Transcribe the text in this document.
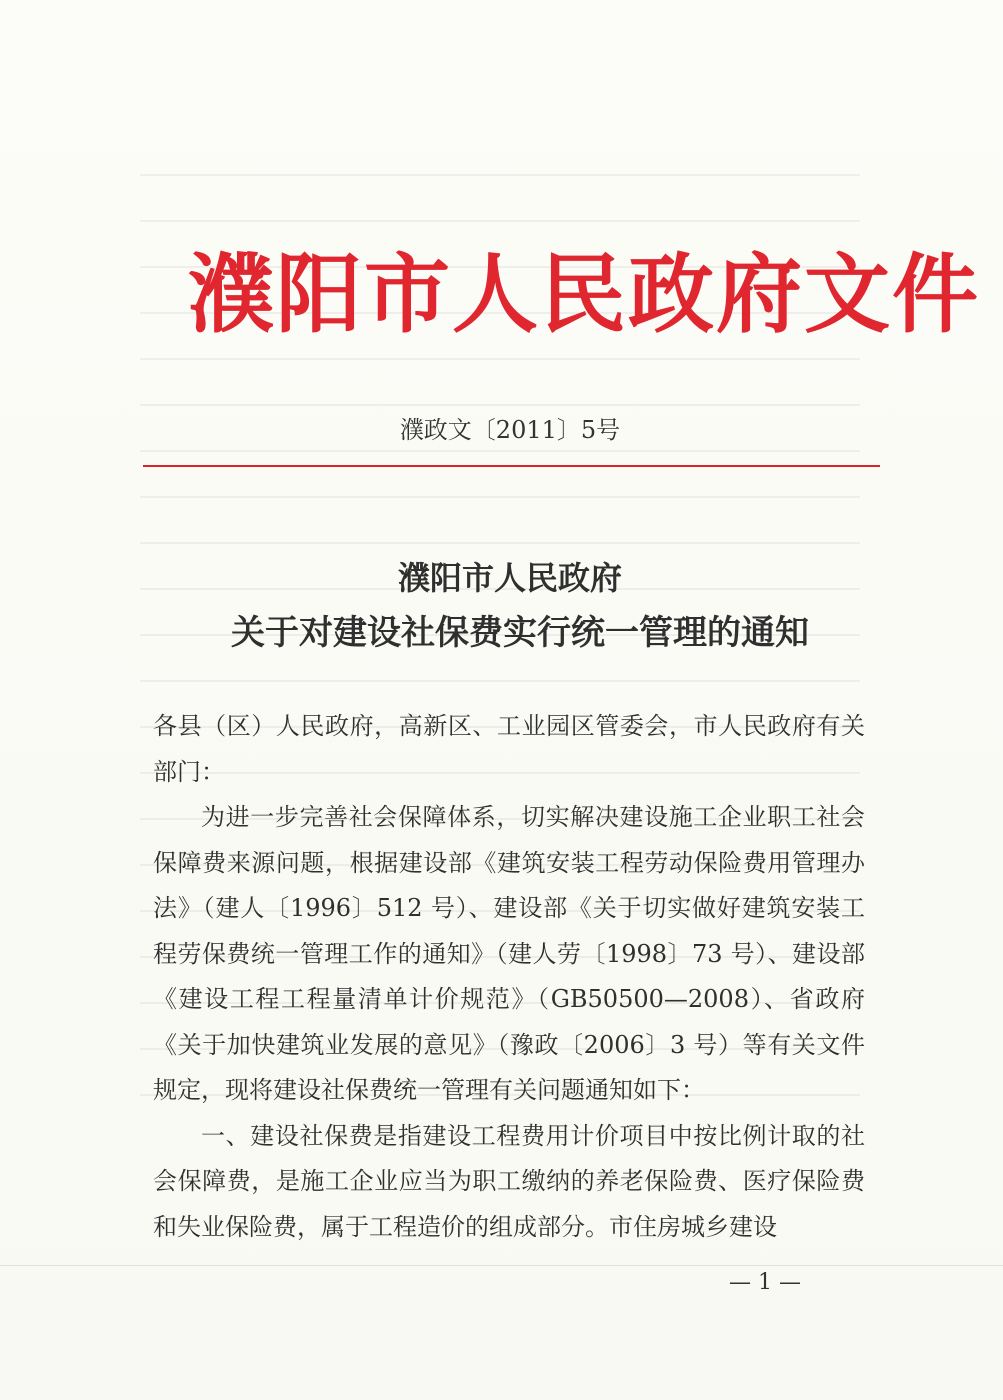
濮阳市人民政府文件
濮政文〔2011〕5号
濮阳市人民政府
关于对建设社保费实行统一管理的通知

各县（区）人民政府，高新区、工业园区管委会，市人民政府有关部门：

为进一步完善社会保障体系，切实解决建设施工企业职工社会保障费来源问题，根据建设部《建筑安装工程劳动保险费用管理办法》（建人〔1996〕512 号）、建设部《关于切实做好建筑安装工程劳保费统一管理工作的通知》（建人劳〔1998〕73 号）、建设部《建设工程工程量清单计价规范》（GB50500—2008）、省政府《关于加快建筑业发展的意见》（豫政〔2006〕3 号）等有关文件规定，现将建设社保费统一管理有关问题通知如下：

一、建设社保费是指建设工程费用计价项目中按比例计取的社会保障费，是施工企业应当为职工缴纳的养老保险费、医疗保险费和失业保险费，属于工程造价的组成部分。市住房城乡建设

— 1 —
